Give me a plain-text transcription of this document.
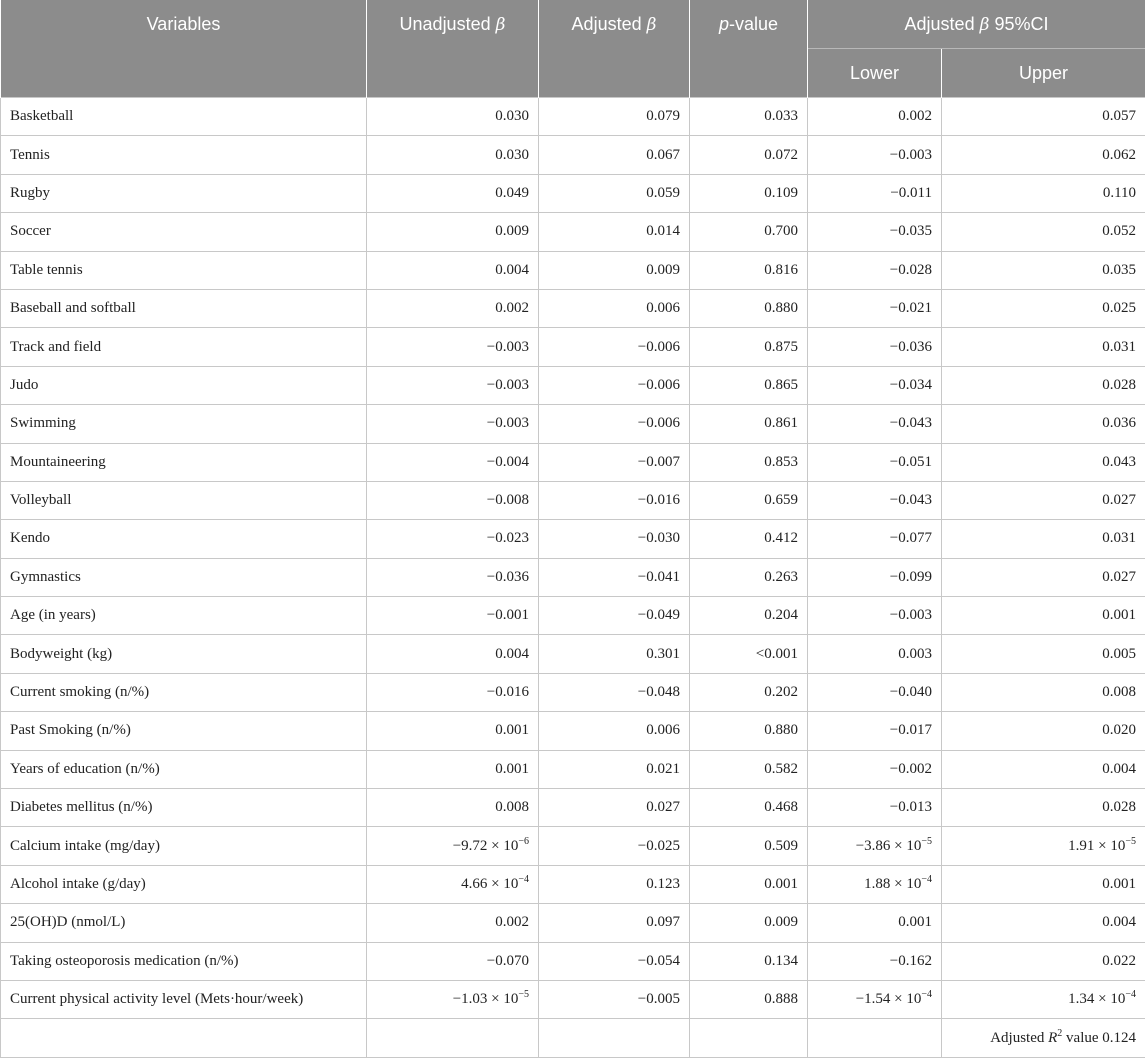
Variables	Unadjusted β	Adjusted β	p-value	Adjusted β 95%CI	
				Lower	Upper
Basketball	0.030	0.079	0.033	0.002	0.057
Tennis	0.030	0.067	0.072	−0.003	0.062
Rugby	0.049	0.059	0.109	−0.011	0.110
Soccer	0.009	0.014	0.700	−0.035	0.052
Table tennis	0.004	0.009	0.816	−0.028	0.035
Baseball and softball	0.002	0.006	0.880	−0.021	0.025
Track and field	−0.003	−0.006	0.875	−0.036	0.031
Judo	−0.003	−0.006	0.865	−0.034	0.028
Swimming	−0.003	−0.006	0.861	−0.043	0.036
Mountaineering	−0.004	−0.007	0.853	−0.051	0.043
Volleyball	−0.008	−0.016	0.659	−0.043	0.027
Kendo	−0.023	−0.030	0.412	−0.077	0.031
Gymnastics	−0.036	−0.041	0.263	−0.099	0.027
Age (in years)	−0.001	−0.049	0.204	−0.003	0.001
Bodyweight (kg)	0.004	0.301	<0.001	0.003	0.005
Current smoking (n/%)	−0.016	−0.048	0.202	−0.040	0.008
Past Smoking (n/%)	0.001	0.006	0.880	−0.017	0.020
Years of education (n/%)	0.001	0.021	0.582	−0.002	0.004
Diabetes mellitus (n/%)	0.008	0.027	0.468	−0.013	0.028
Calcium intake (mg/day)	$-9.72 \times 10^{-6}$	−0.025	0.509	$-3.86 \times 10^{-5}$	$1.91 \times 10^{-5}$
Alcohol intake (g/day)	$4.66 \times 10^{-4}$	0.123	0.001	$1.88 \times 10^{-4}$	0.001
25(OH)D (nmol/L)	0.002	0.097	0.009	0.001	0.004
Taking osteoporosis medication (n/%)	−0.070	−0.054	0.134	−0.162	0.022
Current physical activity level (Mets·hour/week)	$-1.03 \times 10^{-5}$	−0.005	0.888	$-1.54 \times 10^{-4}$	$1.34 \times 10^{-4}$
					Adjusted $R^2$ value 0.124
